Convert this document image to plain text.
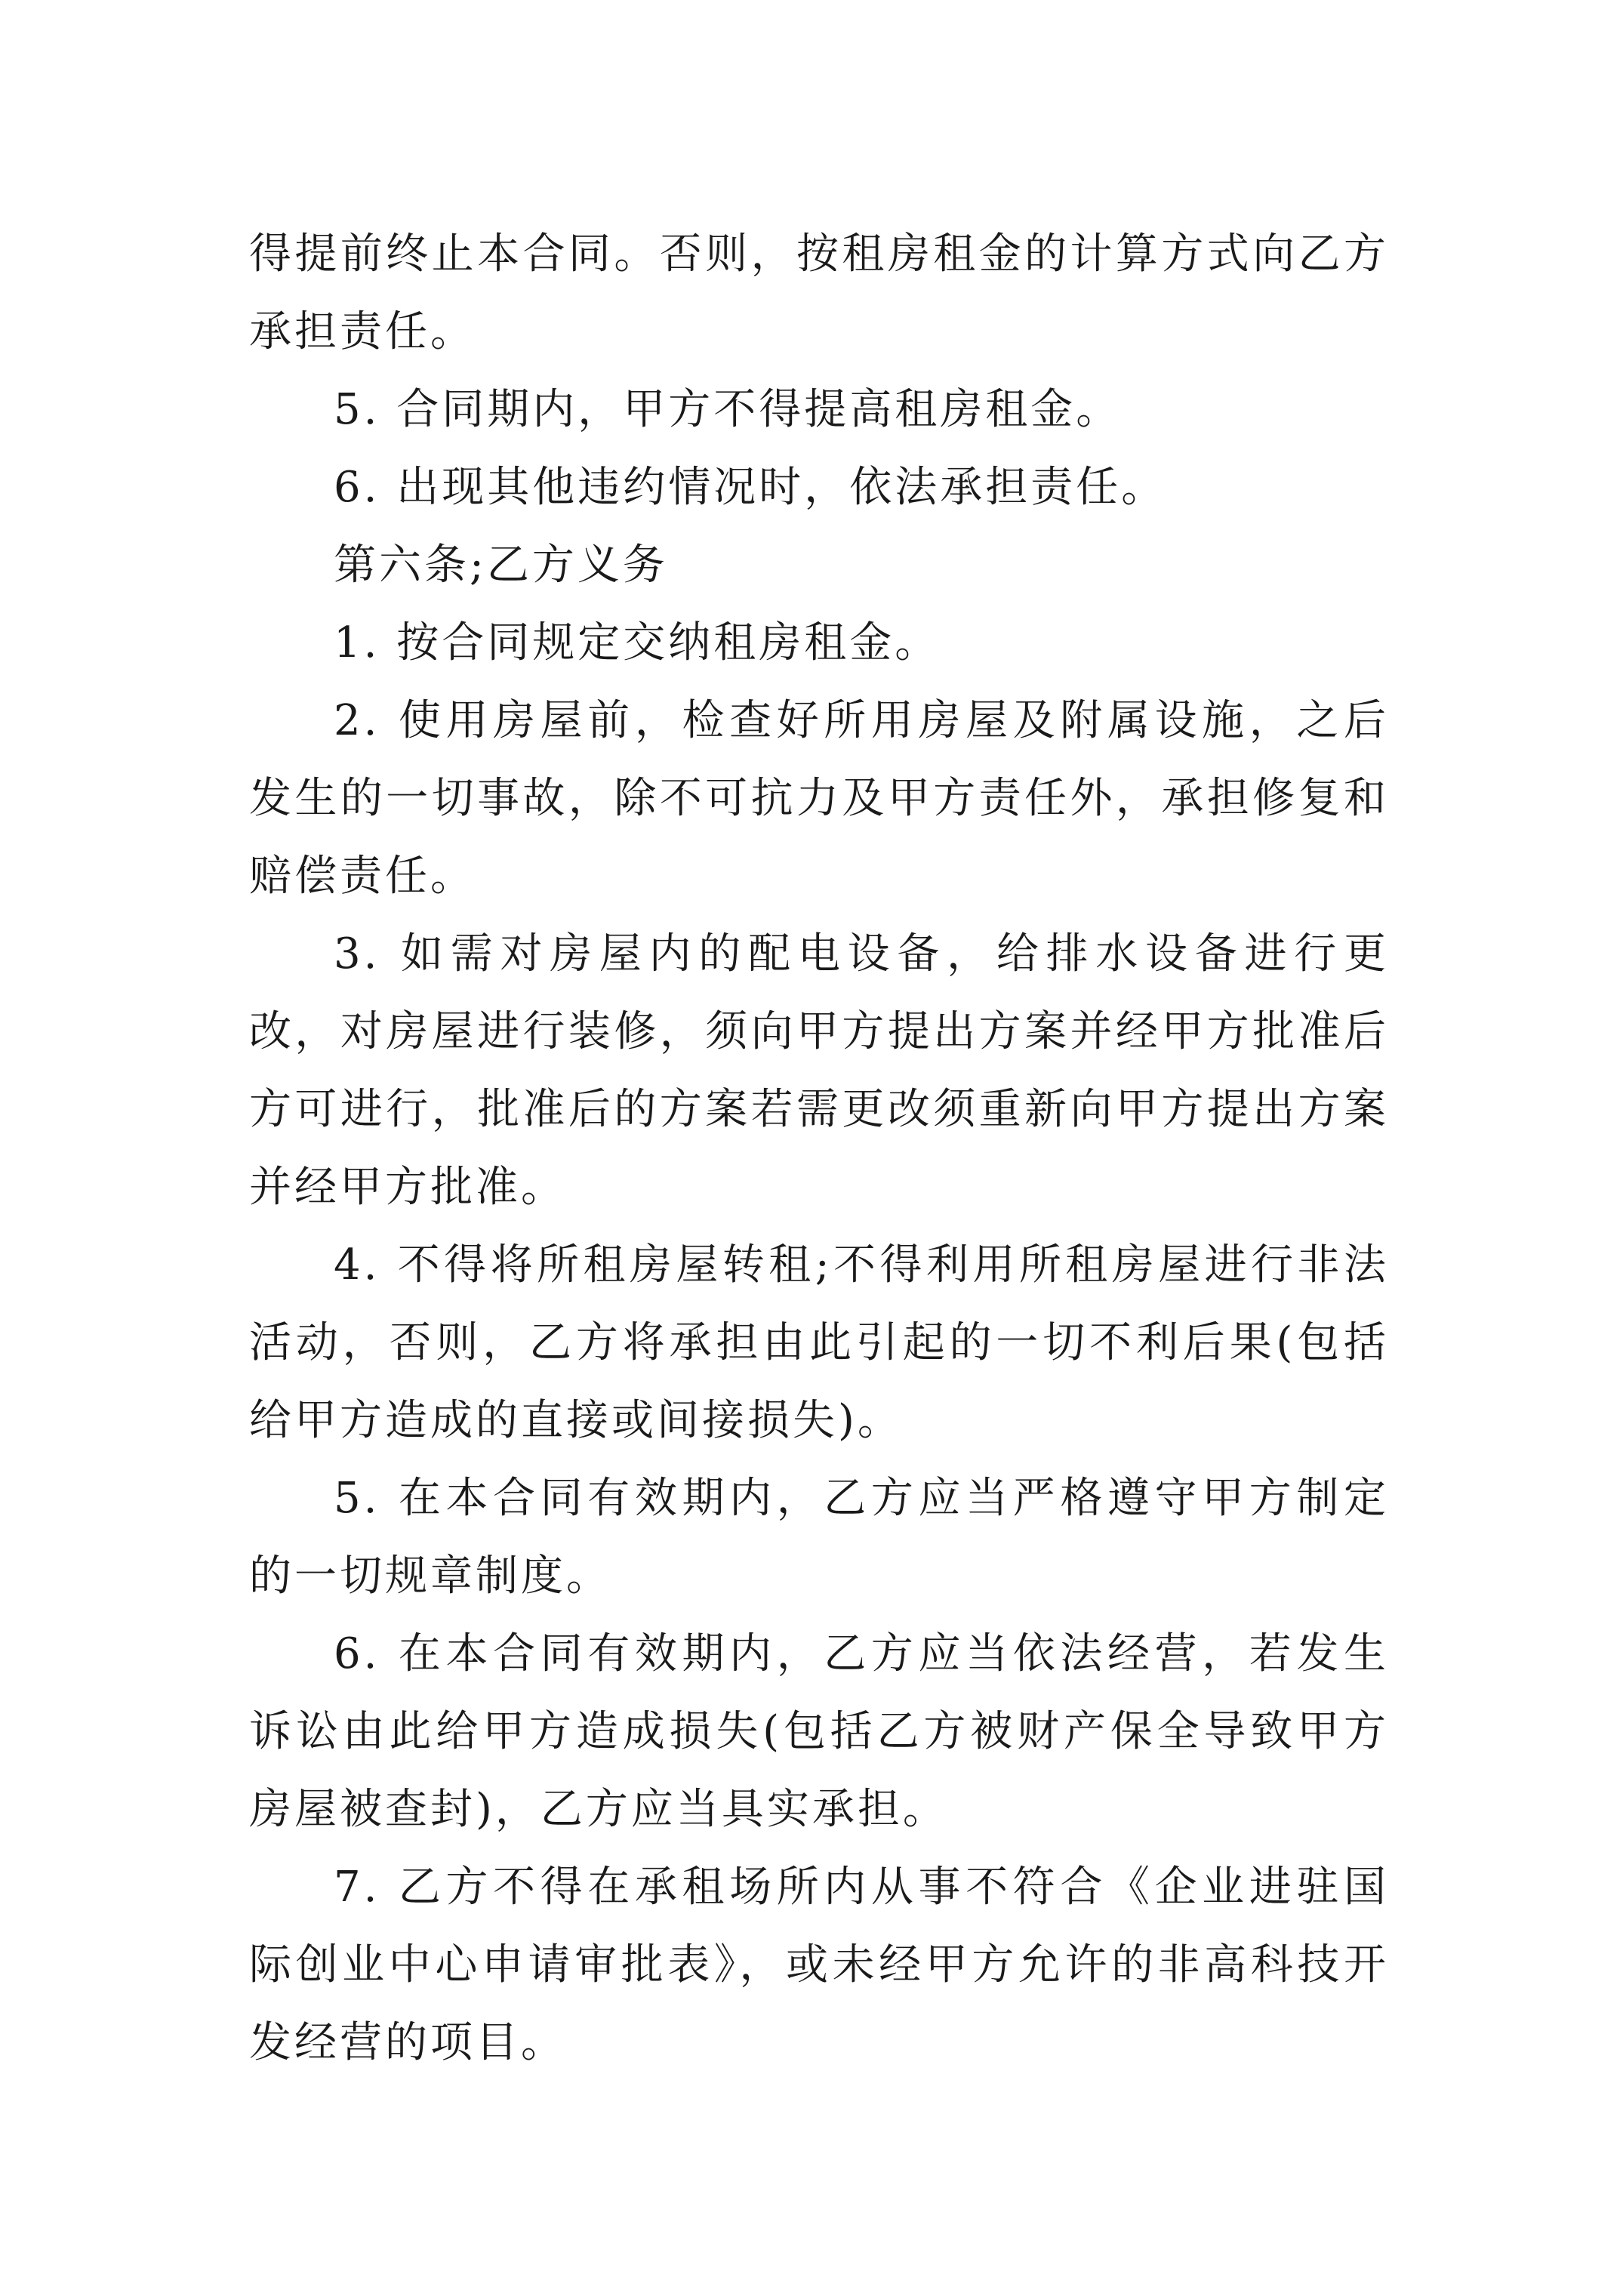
得提前终止本合同。否则，按租房租金的计算方式向乙方承担责任。

5. 合同期内，甲方不得提高租房租金。

6. 出现其他违约情况时，依法承担责任。

第六条;乙方义务

1. 按合同规定交纳租房租金。

2. 使用房屋前，检查好所用房屋及附属设施，之后发生的一切事故，除不可抗力及甲方责任外，承担修复和赔偿责任。

3. 如需对房屋内的配电设备，给排水设备进行更改，对房屋进行装修，须向甲方提出方案并经甲方批准后方可进行，批准后的方案若需更改须重新向甲方提出方案并经甲方批准。

4. 不得将所租房屋转租;不得利用所租房屋进行非法活动，否则，乙方将承担由此引起的一切不利后果(包括给甲方造成的直接或间接损失)。

5. 在本合同有效期内，乙方应当严格遵守甲方制定的一切规章制度。

6. 在本合同有效期内，乙方应当依法经营，若发生诉讼由此给甲方造成损失(包括乙方被财产保全导致甲方房屋被查封)，乙方应当具实承担。

7. 乙方不得在承租场所内从事不符合《企业进驻国际创业中心申请审批表》，或未经甲方允许的非高科技开发经营的项目。
